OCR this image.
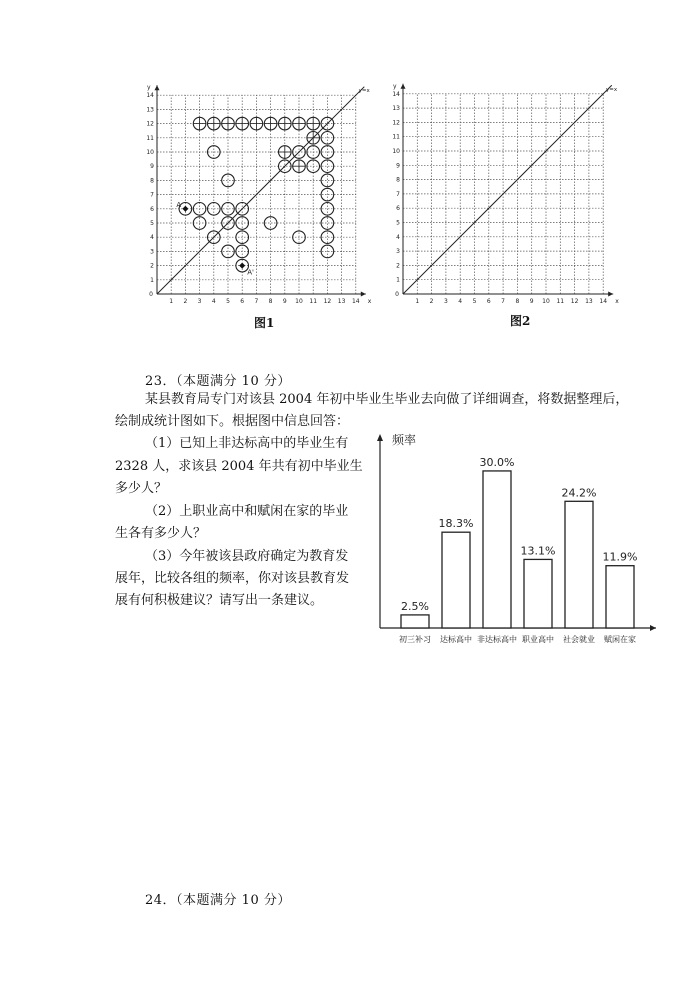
1
1
2
2
3
3
4
4
5
5
6
6
7
7
8
8
9
9
10
10
11
11
12
12
13
13
14
14
0
x
y	y=x
A
A'
图1
1
1
2
2
3
3
4
4
5
5
6
6
7
7
8
8
9
9
10
10
11
11
12
12
13
13
14
14
0
x
y	y=x
图2
23．（本题满分 10 分）
某县教育局专门对该县 2004 年初中毕业生毕业去向做了详细调查，将数据整理后，
绘制成统计图如下。根据图中信息回答：
（1）已知上非达标高中的毕业生有
2328 人，求该县 2004 年共有初中毕业生
多少人？
（2）上职业高中和赋闲在家的毕业
生各有多少人？
（3）今年被该县政府确定为教育发
展年，比较各组的频率，你对该县教育发
展有何积极建议？请写出一条建议。
频率
2.5%
初三补习
18.3%
达标高中
30.0%
非达标高中
13.1%
职业高中
24.2%
社会就业
11.9%
赋闲在家
24．（本题满分 10 分）
